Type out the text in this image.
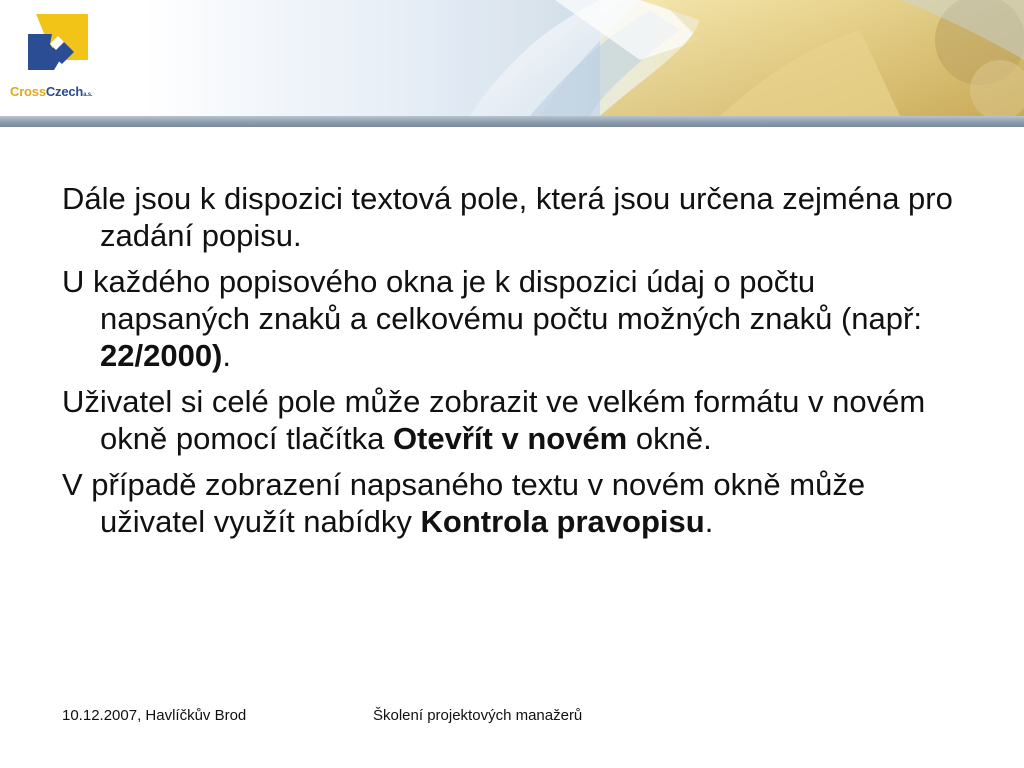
CrossCzecha.s.

Dále jsou k dispozici textová pole, která jsou určena zejména pro zadání popisu.

U každého popisového okna je k dispozici údaj o počtu napsaných znaků a celkovému počtu možných znaků (např: 22/2000).

Uživatel si celé pole může zobrazit ve velkém formátu v novém okně pomocí tlačítka Otevřít v novém okně.

V případě zobrazení napsaného textu v novém okně může uživatel využít nabídky Kontrola pravopisu.

10.12.2007, Havlíčkův Brod	Školení projektových manažerů
